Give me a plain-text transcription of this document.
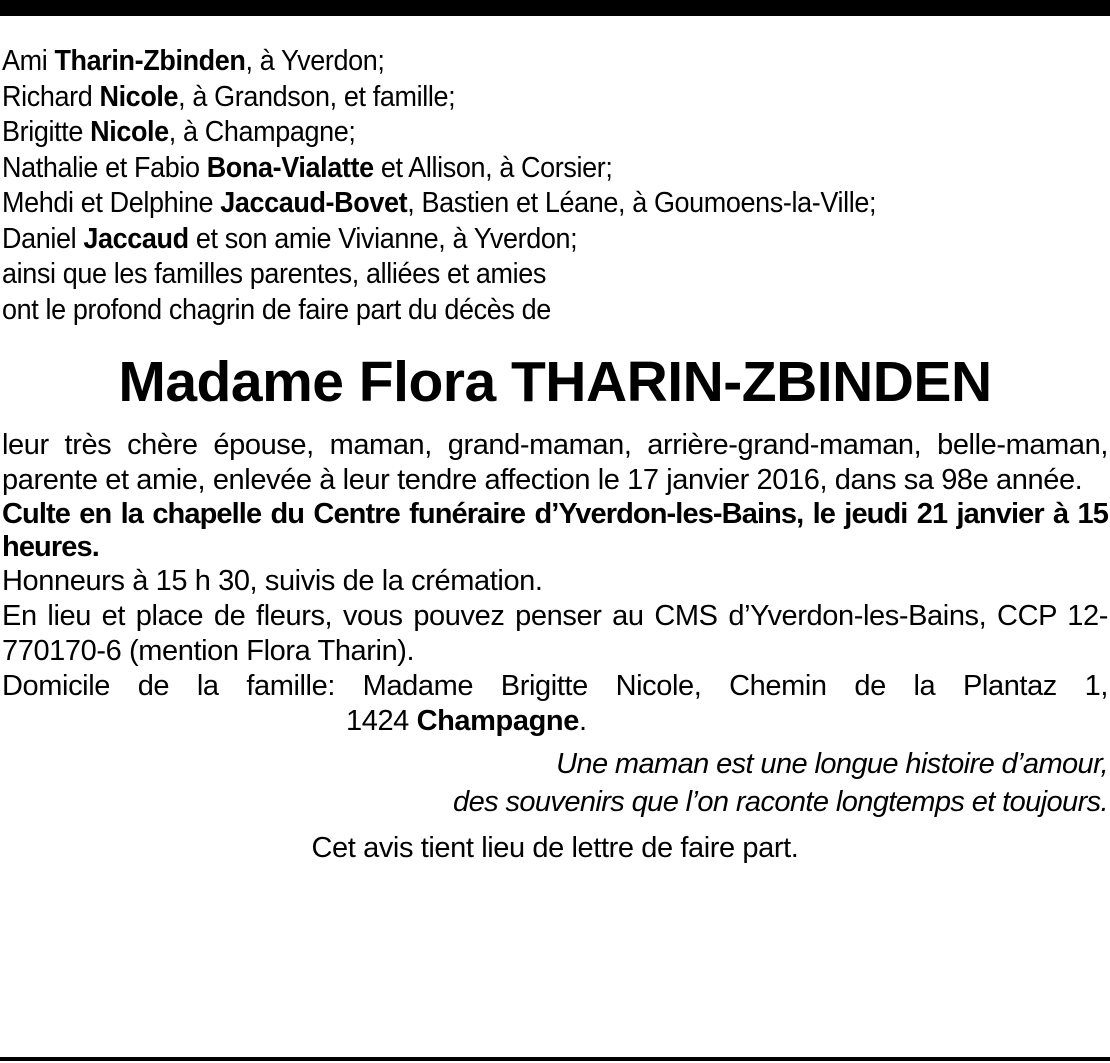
Ami Tharin-Zbinden, à Yverdon;
Richard Nicole, à Grandson, et famille;
Brigitte Nicole, à Champagne;
Nathalie et Fabio Bona-Vialatte et Allison, à Corsier;
Mehdi et Delphine Jaccaud-Bovet, Bastien et Léane, à Goumoens-la-Ville;
Daniel Jaccaud et son amie Vivianne, à Yverdon;
ainsi que les familles parentes, alliées et amies
ont le profond chagrin de faire part du décès de
Madame Flora THARIN-ZBINDEN
leur très chère épouse, maman, grand-maman, arrière-grand-maman, belle-maman, parente et amie, enlevée à leur tendre affection le 17 janvier 2016, dans sa 98e année.
Culte en la chapelle du Centre funéraire d’Yverdon-les-Bains, le jeudi 21 janvier à 15 heures.
Honneurs à 15 h 30, suivis de la crémation.
En lieu et place de fleurs, vous pouvez penser au CMS d’Yverdon-les-Bains, CCP 12-770170-6 (mention Flora Tharin).
Domicile de la famille: Madame Brigitte Nicole, Chemin de la Plantaz 1,
1424 Champagne.
Une maman est une longue histoire d’amour,
des souvenirs que l’on raconte longtemps et toujours.
Cet avis tient lieu de lettre de faire part.
